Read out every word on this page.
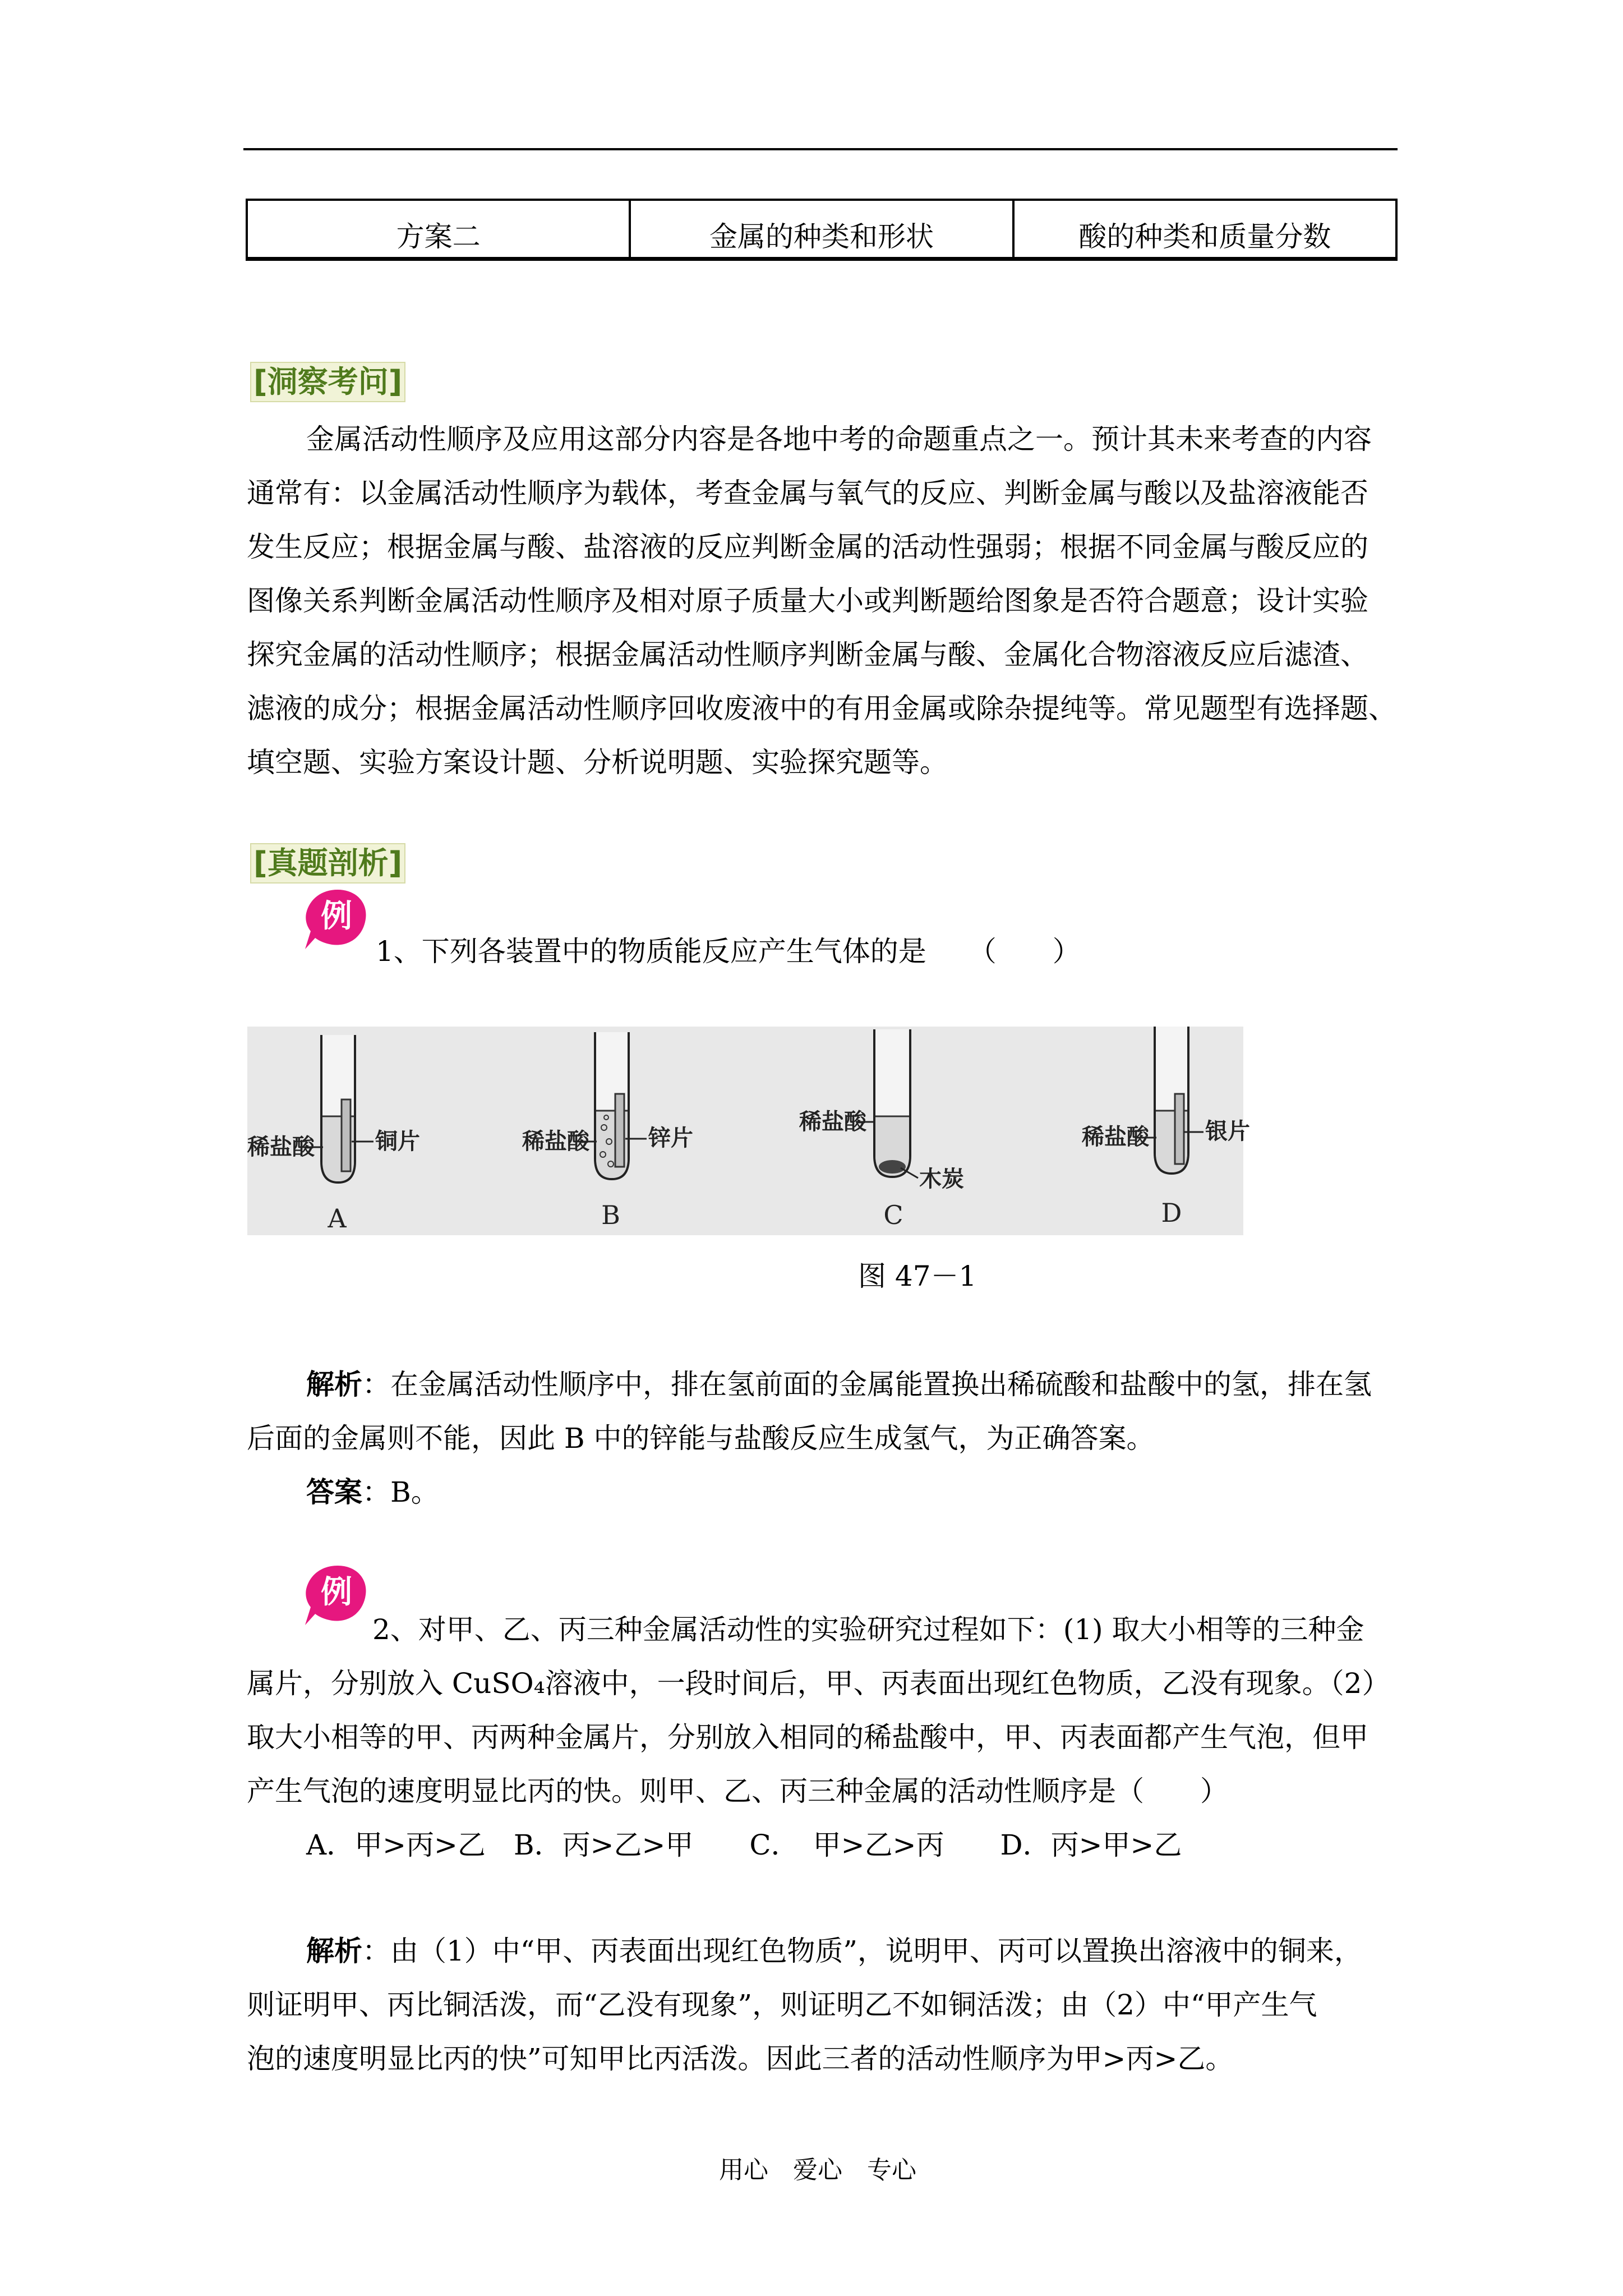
方案二	金属的种类和形状	酸的种类和质量分数
[洞察考问]
金属活动性顺序及应用这部分内容是各地中考的命题重点之一。预计其未来考查的内容
通常有：以金属活动性顺序为载体，考查金属与氧气的反应、判断金属与酸以及盐溶液能否
发生反应；根据金属与酸、盐溶液的反应判断金属的活动性强弱；根据不同金属与酸反应的
图像关系判断金属活动性顺序及相对原子质量大小或判断题给图象是否符合题意；设计实验
探究金属的活动性顺序；根据金属活动性顺序判断金属与酸、金属化合物溶液反应后滤渣、
滤液的成分；根据金属活动性顺序回收废液中的有用金属或除杂提纯等。常见题型有选择题、
填空题、实验方案设计题、分析说明题、实验探究题等。
[真题剖析]
例
1、下列各装置中的物质能反应产生气体的是　　（　　）
稀盐酸	铜片
A
稀盐酸	锌片
B
稀盐酸
木炭
C
稀盐酸	银片
D
图 47－1
解析：在金属活动性顺序中，排在氢前面的金属能置换出稀硫酸和盐酸中的氢，排在氢
后面的金属则不能，因此 B 中的锌能与盐酸反应生成氢气，为正确答案。
答案：B。
例
2、对甲、乙、丙三种金属活动性的实验研究过程如下：(1) 取大小相等的三种金
属片，分别放入 CuSO₄溶液中，一段时间后，甲、丙表面出现红色物质，乙没有现象。（2）
取大小相等的甲、丙两种金属片，分别放入相同的稀盐酸中，甲、丙表面都产生气泡，但甲
产生气泡的速度明显比丙的快。则甲、乙、丙三种金属的活动性顺序是（　　）
A．甲>丙>乙　B．丙>乙>甲　　C．　甲>乙>丙　　D．丙>甲>乙
解析：由（1）中“甲、丙表面出现红色物质”，说明甲、丙可以置换出溶液中的铜来，
则证明甲、丙比铜活泼，而“乙没有现象”，则证明乙不如铜活泼；由（2）中“甲产生气
泡的速度明显比丙的快”可知甲比丙活泼。因此三者的活动性顺序为甲>丙>乙。
用心　爱心　专心
